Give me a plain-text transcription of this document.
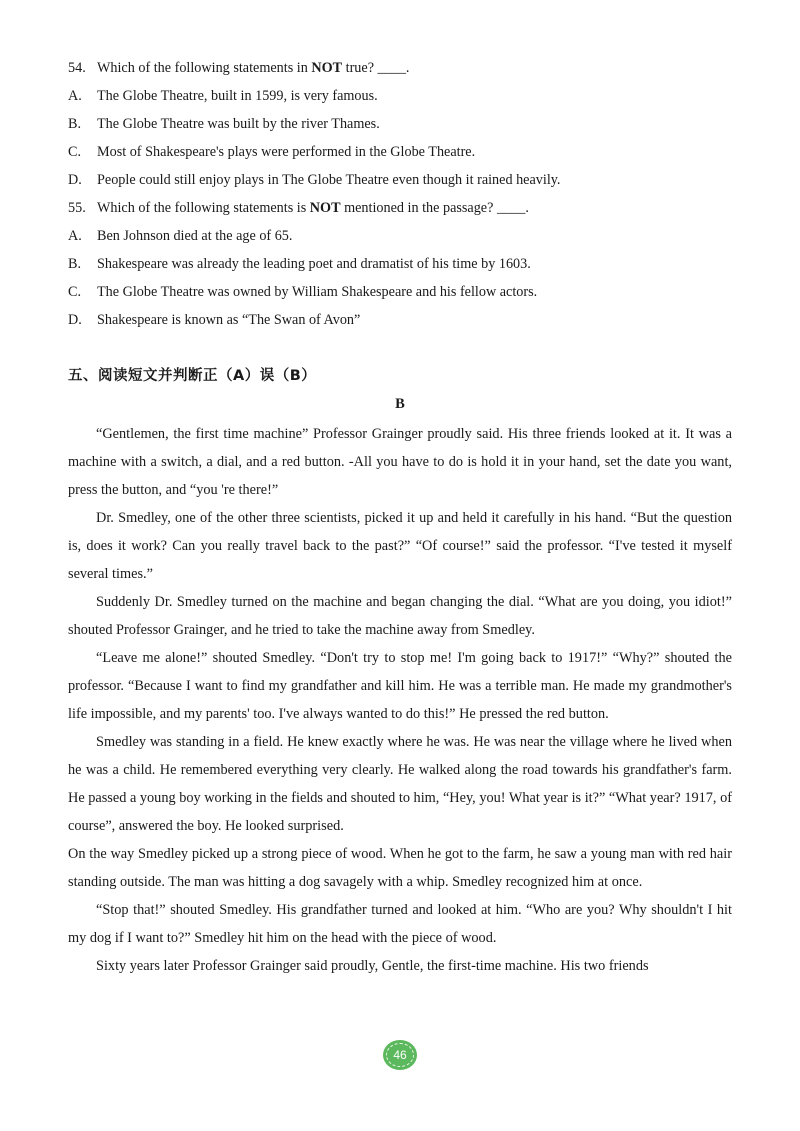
54. Which of the following statements in NOT true? ____.
A. The Globe Theatre, built in 1599, is very famous.
B. The Globe Theatre was built by the river Thames.
C. Most of Shakespeare's plays were performed in the Globe Theatre.
D. People could still enjoy plays in The Globe Theatre even though it rained heavily.
55. Which of the following statements is NOT mentioned in the passage? ____.
A. Ben Johnson died at the age of 65.
B. Shakespeare was already the leading poet and dramatist of his time by 1603.
C. The Globe Theatre was owned by William Shakespeare and his fellow actors.
D. Shakespeare is known as “The Swan of Avon”
五、阅读短文并判断正（A）误（B）
B

“Gentlemen, the first time machine” Professor Grainger proudly said. His three friends looked at it. It was a machine with a switch, a dial, and a red button. -All you have to do is hold it in your hand, set the date you want, press the button, and “you 're there!”

Dr. Smedley, one of the other three scientists, picked it up and held it carefully in his hand. “But the question is, does it work? Can you really travel back to the past?” “Of course!” said the professor. “I've tested it myself several times.”

Suddenly Dr. Smedley turned on the machine and began changing the dial. “What are you doing, you idiot!” shouted Professor Grainger, and he tried to take the machine away from Smedley.

“Leave me alone!” shouted Smedley. “Don't try to stop me! I'm going back to 1917!” “Why?” shouted the professor. “Because I want to find my grandfather and kill him. He was a terrible man. He made my grandmother's life impossible, and my parents' too. I've always wanted to do this!” He pressed the red button.

Smedley was standing in a field. He knew exactly where he was. He was near the village where he lived when he was a child. He remembered everything very clearly. He walked along the road towards his grandfather's farm. He passed a young boy working in the fields and shouted to him, “Hey, you! What year is it?” “What year? 1917, of course”, answered the boy. He looked surprised.

On the way Smedley picked up a strong piece of wood. When he got to the farm, he saw a young man with red hair standing outside. The man was hitting a dog savagely with a whip. Smedley recognized him at once.

“Stop that!” shouted Smedley. His grandfather turned and looked at him. “Who are you? Why shouldn't I hit my dog if I want to?” Smedley hit him on the head with the piece of wood.

Sixty years later Professor Grainger said proudly, Gentle, the first-time machine. His two friends

46
